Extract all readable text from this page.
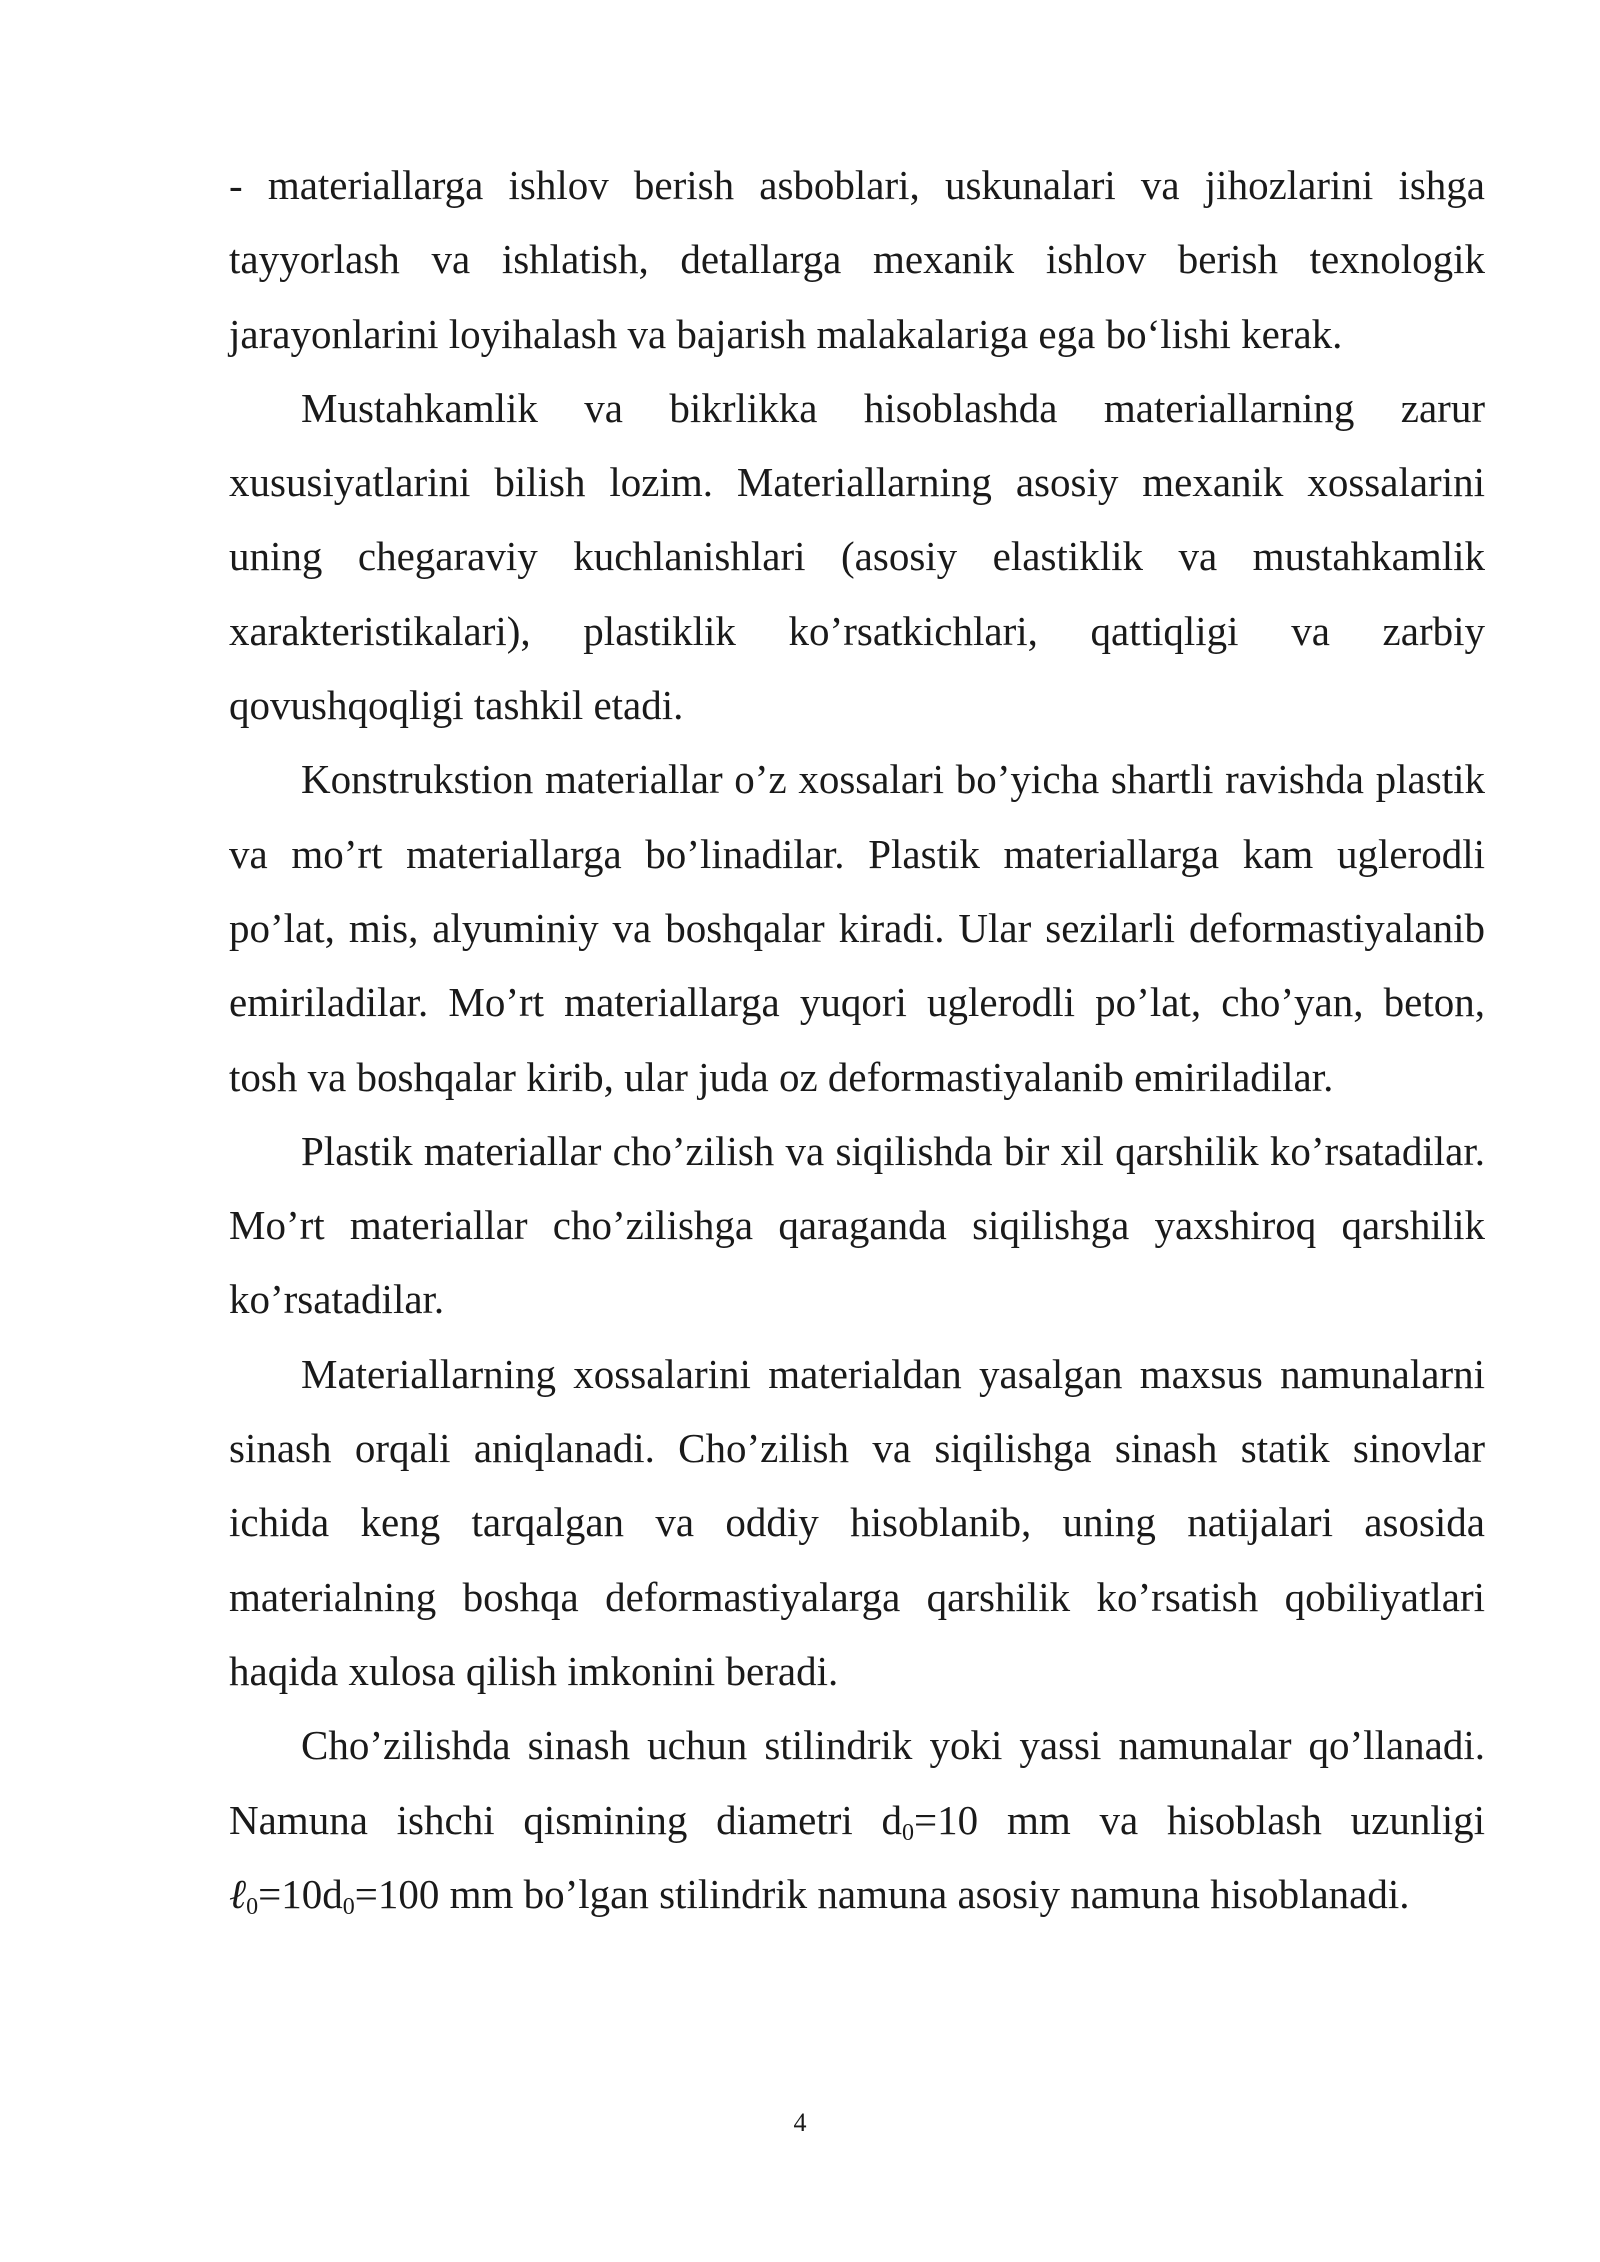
- materiallarga ishlov berish asboblari, uskunalari va jihozlarini ishga tayyorlash va ishlatish, detallarga mexanik ishlov berish texnologik jarayonlarini loyihalash va bajarish malakalariga ega bo‘lishi kerak.

Mustahkamlik va bikrlikka hisoblashda materiallarning zarur xususiyatlarini bilish lozim. Materiallarning asosiy mexanik xossalarini uning chegaraviy kuchlanishlari (asosiy elastiklik va mustahkamlik xarakteristikalari), plastiklik ko’rsatkichlari, qattiqligi va zarbiy qovushqoqligi tashkil etadi.

Konstrukstion materiallar o’z xossalari bo’yicha shartli ravishda plastik va mo’rt materiallarga bo’linadilar. Plastik materiallarga kam uglerodli po’lat, mis, alyuminiy va boshqalar kiradi. Ular sezilarli deformastiyalanib emiriladilar. Mo’rt materiallarga yuqori uglerodli po’lat, cho’yan, beton, tosh va boshqalar kirib, ular juda oz deformastiyalanib emiriladilar.

Plastik materiallar cho’zilish va siqilishda bir xil qarshilik ko’rsatadilar. Mo’rt materiallar cho’zilishga qaraganda siqilishga yaxshiroq qarshilik ko’rsatadilar.

Materiallarning xossalarini materialdan yasalgan maxsus namunalarni sinash orqali aniqlanadi. Cho’zilish va siqilishga sinash statik sinovlar ichida keng tarqalgan va oddiy hisoblanib, uning natijalari asosida materialning boshqa deformastiyalarga qarshilik ko’rsatish qobiliyatlari haqida xulosa qilish imkonini beradi.

Cho’zilishda sinash uchun stilindrik yoki yassi namunalar qo’llanadi. Namuna ishchi qismining diametri $d_0=10$ mm va hisoblash uzunligi $\ell_0=10d_0=100$ mm bo’lgan stilindrik namuna asosiy namuna hisoblanadi.

4
